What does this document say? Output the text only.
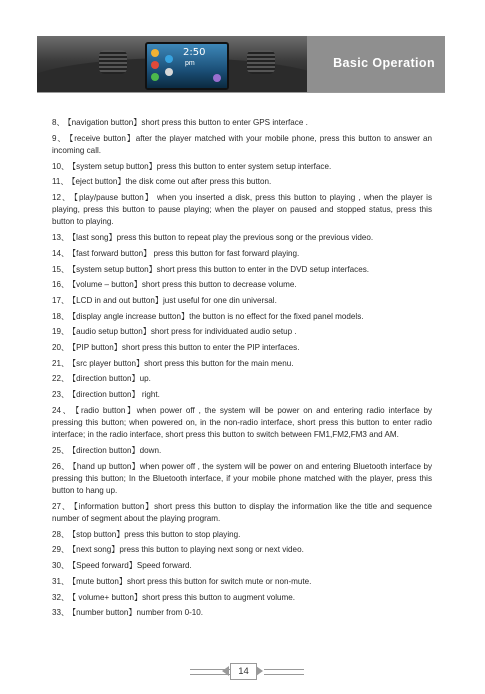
2:50
pm	Basic Operation
8、 【navigation button】short press this button to enter GPS interface .
9、 【receive button】after the player matched with your mobile phone, press this button to answer an incoming call.
10、 【system setup button】press this button to enter system setup interface.
11、 【eject button】the disk come out after press this button.
12、 【play/pause button】 when you inserted a disk, press this button to playing , when the player is playing, press this button to pause playing; when the player on paused and stopped status, press this button to playing.
13、 【last song】press this button to repeat play the previous song or the previous video.
14、 【fast forward button】 press this button for fast forward playing.
15、 【system setup button】short press this button to enter in the DVD setup interfaces.
16、 【volume – button】short press this button to decrease volume.
17、 【LCD in and out button】just useful for one din universal.
18、 【display angle increase button】the button is no effect for the fixed panel models.
19、 【audio setup button】short press for individuated audio setup .
20、 【PIP button】short press this button to enter the PIP interfaces.
21、 【src player button】short press this button for the main menu.
22、 【direction button】up.
23、 【direction button】 right.
24、 【radio button】when power off , the system will be power on and entering radio interface by pressing this button; when powered on, in the non-radio interface, short press this button to enter radio interface; in the radio interface, short press this button to switch between FM1,FM2,FM3 and AM.
25、 【direction button】down.
26、 【hand up button】when power off , the system will be power on and entering Bluetooth interface by pressing this button; In the Bluetooth interface, if your mobile phone matched with the player, press this button to hang up.
27、 【information button】short press this button to display the information like the title and sequence number of segment about the playing program.
28、 【stop button】press this button to stop playing.
29、 【next song】press this button to playing next song or next video.
30、 【Speed forward】Speed forward.
31、 【mute button】short press this button for switch mute or non-mute.
32、 【 volume+ button】short press this button to augment volume.
33、 【number button】number from 0-10.
14
